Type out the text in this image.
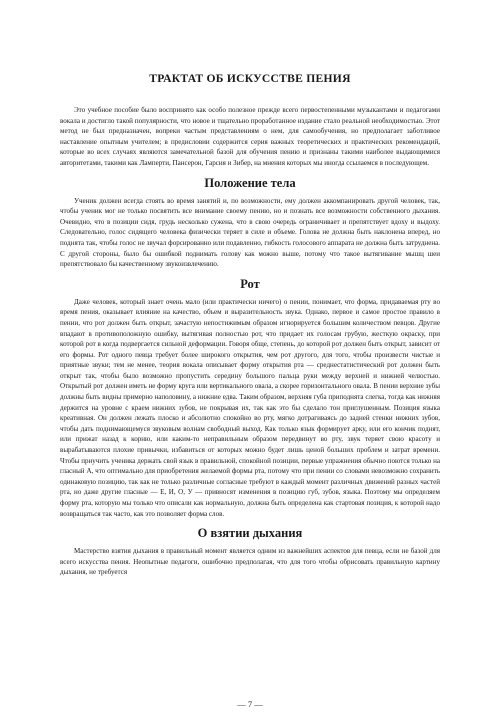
ТРАКТАТ ОБ ИСКУССТВЕ ПЕНИЯ

Это учебное пособие было воспринято как особо полезное прежде всего первостепенными музыкантами и педагогами вокала и достигло такой популярности, что новое и тщательно проработанное издание стало реальной необходимостью. Этот метод не был предназначен, вопреки частым представлениям о нем, для самообучения, но предполагает заботливое наставление опытным учителем; в предисловии содержится серия важных теоретических и практических рекомендаций, которые во всех случаях являются замечательной базой для обучения пению и признаны такими наиболее выдающимися авторитетами, такими как Ламперти, Пансерон, Гарсия и Зибер, на мнения которых мы иногда ссылаемся в последующем.

Положение тела

Ученик должен всегда стоять во время занятий и, по возможности, ему должен аккомпанировать другой человек, так, чтобы ученик мог не только посвятить все внимание своему пению, но и познать все возможности собственного дыхания. Очевидно, что в позиции сидя, грудь несколько сужена, что в свою очередь ограничивает и препятствует вдоху и выдоху. Следовательно, голос сидящего человека физически теряет в силе и объеме. Голова не должна быть наклонена вперед, но поднята так, чтобы голос не звучал форсированно или подавленно, гибкость голосового аппарата не должна быть затруднена. С другой стороны, было бы ошибкой поднимать голову как можно выше, потому что такое вытягивание мышц шеи препятствовало бы качественному звукоизвлечению.

Рот

Даже человек, который знает очень мало (или практически ничего) о пении, понимает, что форма, придаваемая рту во время пения, оказывает влияние на качество, объем и выразительность звука. Однако, первое и самое простое правило в пении, что рот должен быть открыт, зачастую непостижимым образом игнорируется большим количеством певцов. Другие впадают в противоположную ошибку, вытягивая полностью рот, что придает их голосам грубую, жесткую окраску, при которой рот в когда подвергается сильной деформации. Говоря обще, степень, до которой рот должен быть открыт, зависит от его формы. Рот одного певца требует более широкого открытия, чем рот другого, для того, чтобы произвести чистые и приятные звуки; тем не менее, теория вокала описывает форму открытия рта — среднестатистический рот должен быть открыт так, чтобы было возможно пропустить середину большого пальца руки между верхней и нижней челюстью. Открытый рот должен иметь не форму круга или вертикального овала, а скорее горизонтального овала. В пении верхние зубы должны быть видны примерно наполовину, а нижние едва. Таким образом, верхняя губа приподнята слегка, тогда как нижняя держится на уровне с краем нижних зубов, не покрывая их, так как это бы сделало тон приглушенным. Позиция языка креативная. Он должен лежать плоско и абсолютно спокойно во рту, мягко дотрагиваясь до задней стенки нижних зубов, чтобы дать поднимающемуся звуковым волнам свободный выход. Как только язык формирует арку, или его кончик поднят, или прижат назад к корню, или каким-то неправильным образом передвинут во рту, звук теряет свою красоту и вырабатываются плохие привычки, избавиться от которых можно будет лишь ценой больших проблем и затрат времени. Чтобы приучить ученика держать свой язык в правильной, спокойной позиции, первые упражнения обычно поются только на гласный А, что оптимально для приобретения желаемой формы рта, потому что при пении со словами невозможно сохранить одинаковую позицию, так как не только различные согласные требуют в каждый момент различных движений разных частей рта, но даже другие гласные — Е, И, О, У — привносят изменения в позицию губ, зубов, языка. Поэтому мы определяем форму рта, которую мы только что описали как нормальную, должна быть определена как стартовая позиция, к которой надо возвращаться так часто, как это позволяет форма слов.

О взятии дыхания

Мастерство взятия дыхания в правильный момент является одним из важнейших аспектов для певца, если не базой для всего искусства пения. Неопытные педагоги, ошибочно предполагая, что для того чтобы обрисовать правильную картину дыхания, не требуется

— 7 —
